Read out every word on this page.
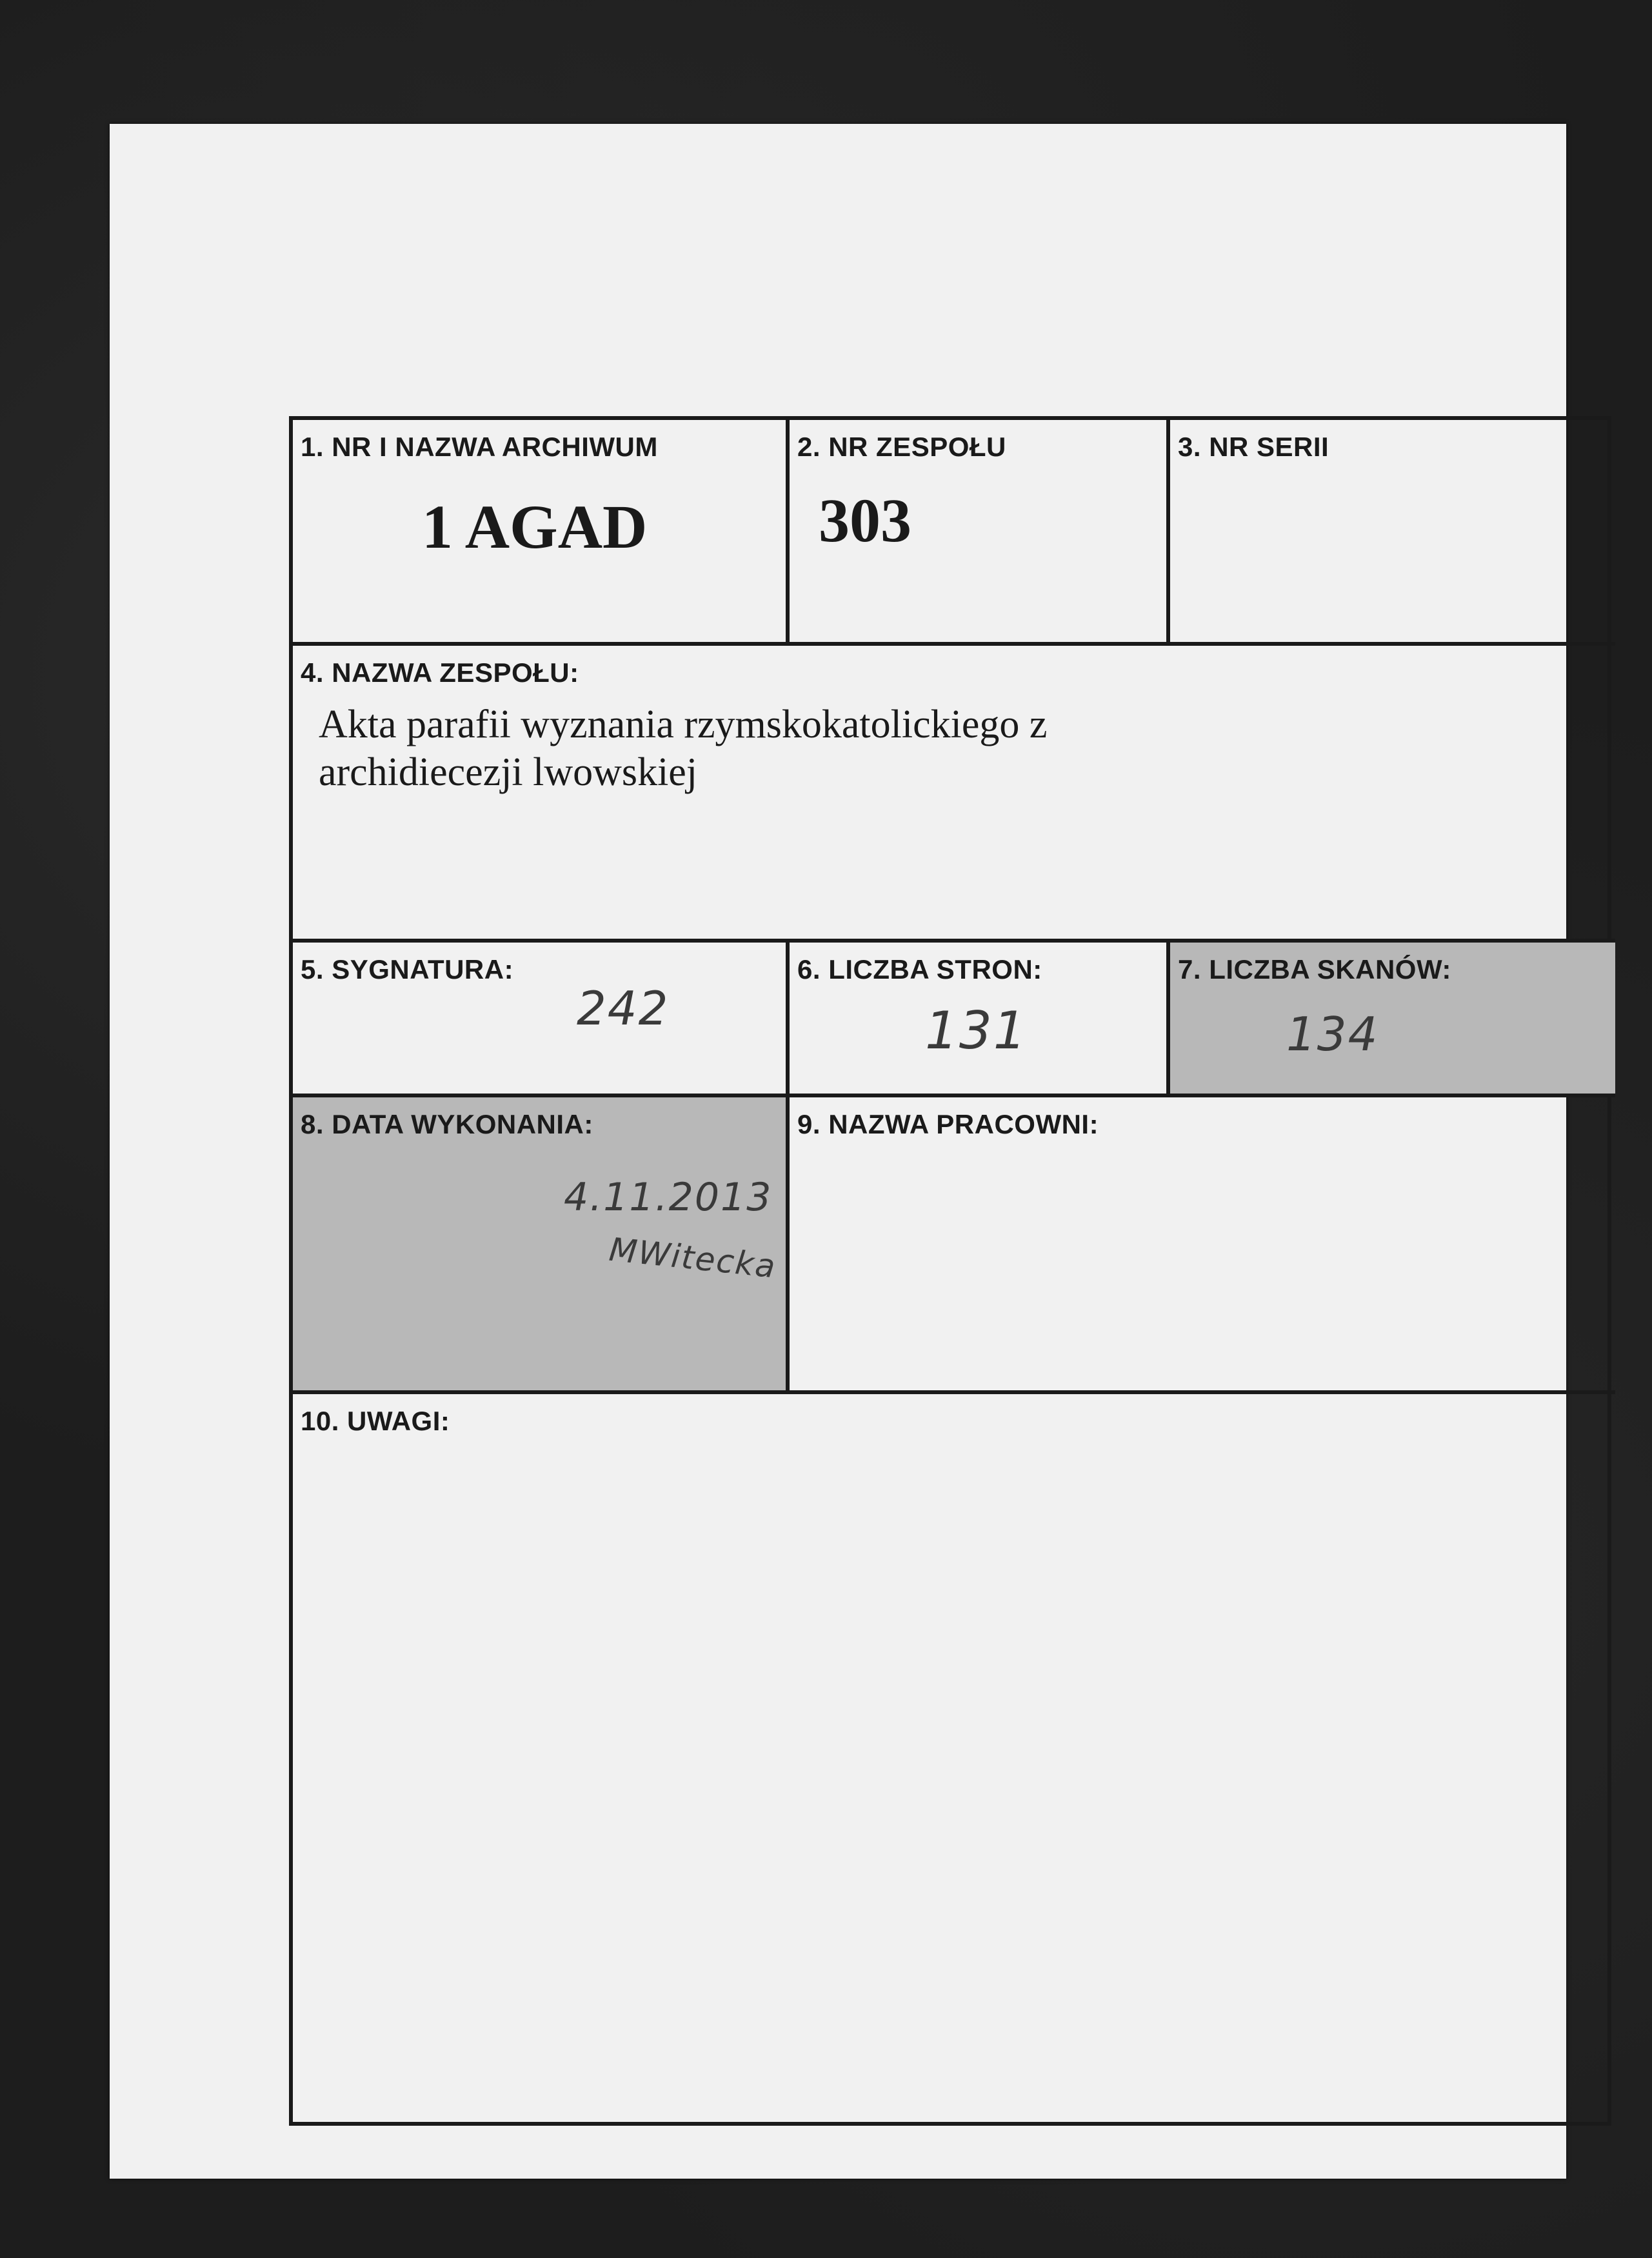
1. NR I NAZWA ARCHIWUM
1 AGAD
2. NR ZESPOŁU
303
3. NR SERII
4. NAZWA ZESPOŁU:
Akta parafii wyznania rzymskokatolickiego z
archidiecezji lwowskiej
5. SYGNATURA:
242
6. LICZBA STRON:
131
7. LICZBA SKANÓW:
134
8. DATA WYKONANIA:
4.11.2013
MWitecka
9. NAZWA PRACOWNI:
10. UWAGI:
